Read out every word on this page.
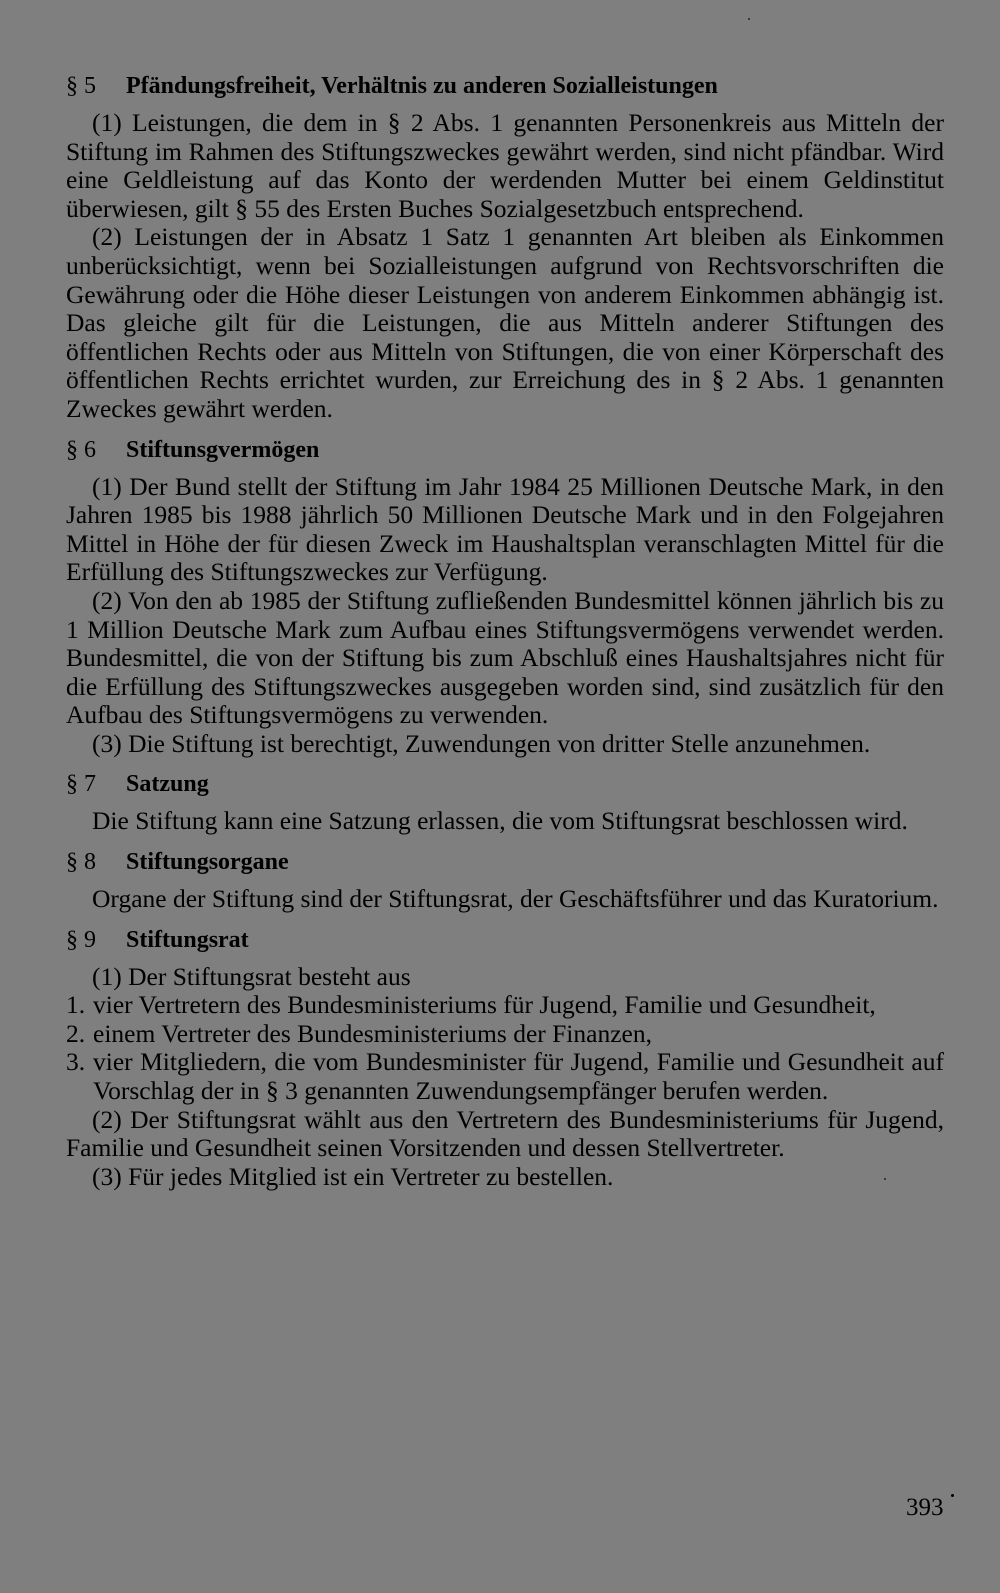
§ 5 Pfändungsfreiheit, Verhältnis zu anderen Sozialleistungen

(1) Leistungen, die dem in § 2 Abs. 1 genannten Personenkreis aus Mitteln der Stiftung im Rahmen des Stiftungszweckes gewährt werden, sind nicht pfändbar. Wird eine Geldleistung auf das Konto der werdenden Mutter bei einem Geldinstitut überwiesen, gilt § 55 des Ersten Buches Sozialgesetzbuch entsprechend.

(2) Leistungen der in Absatz 1 Satz 1 genannten Art bleiben als Einkommen unberücksichtigt, wenn bei Sozialleistungen aufgrund von Rechtsvorschriften die Gewährung oder die Höhe dieser Leistungen von anderem Einkommen abhängig ist. Das gleiche gilt für die Leistungen, die aus Mitteln anderer Stiftungen des öffentlichen Rechts oder aus Mitteln von Stiftungen, die von einer Körperschaft des öffentlichen Rechts errichtet wurden, zur Erreichung des in § 2 Abs. 1 genannten Zweckes gewährt werden.

§ 6 Stiftunsgvermögen

(1) Der Bund stellt der Stiftung im Jahr 1984 25 Millionen Deutsche Mark, in den Jahren 1985 bis 1988 jährlich 50 Millionen Deutsche Mark und in den Folgejahren Mittel in Höhe der für diesen Zweck im Haushaltsplan veranschlagten Mittel für die Erfüllung des Stiftungszweckes zur Verfügung.

(2) Von den ab 1985 der Stiftung zufließenden Bundesmittel können jährlich bis zu 1 Million Deutsche Mark zum Aufbau eines Stiftungsvermögens verwendet werden. Bundesmittel, die von der Stiftung bis zum Abschluß eines Haushaltsjahres nicht für die Erfüllung des Stiftungszweckes ausgegeben worden sind, sind zusätzlich für den Aufbau des Stiftungsvermögens zu verwenden.

(3) Die Stiftung ist berechtigt, Zuwendungen von dritter Stelle anzunehmen.

§ 7 Satzung

Die Stiftung kann eine Satzung erlassen, die vom Stiftungsrat beschlossen wird.

§ 8 Stiftungsorgane

Organe der Stiftung sind der Stiftungsrat, der Geschäftsführer und das Kuratorium.

§ 9 Stiftungsrat

(1) Der Stiftungsrat besteht aus

1. vier Vertretern des Bundesministeriums für Jugend, Familie und Gesundheit,
2. einem Vertreter des Bundesministeriums der Finanzen,
3. vier Mitgliedern, die vom Bundesminister für Jugend, Familie und Gesundheit auf Vorschlag der in § 3 genannten Zuwendungsempfänger berufen werden.

(2) Der Stiftungsrat wählt aus den Vertretern des Bundesministeriums für Jugend, Familie und Gesundheit seinen Vorsitzenden und dessen Stellvertreter.

(3) Für jedes Mitglied ist ein Vertreter zu bestellen.

393
